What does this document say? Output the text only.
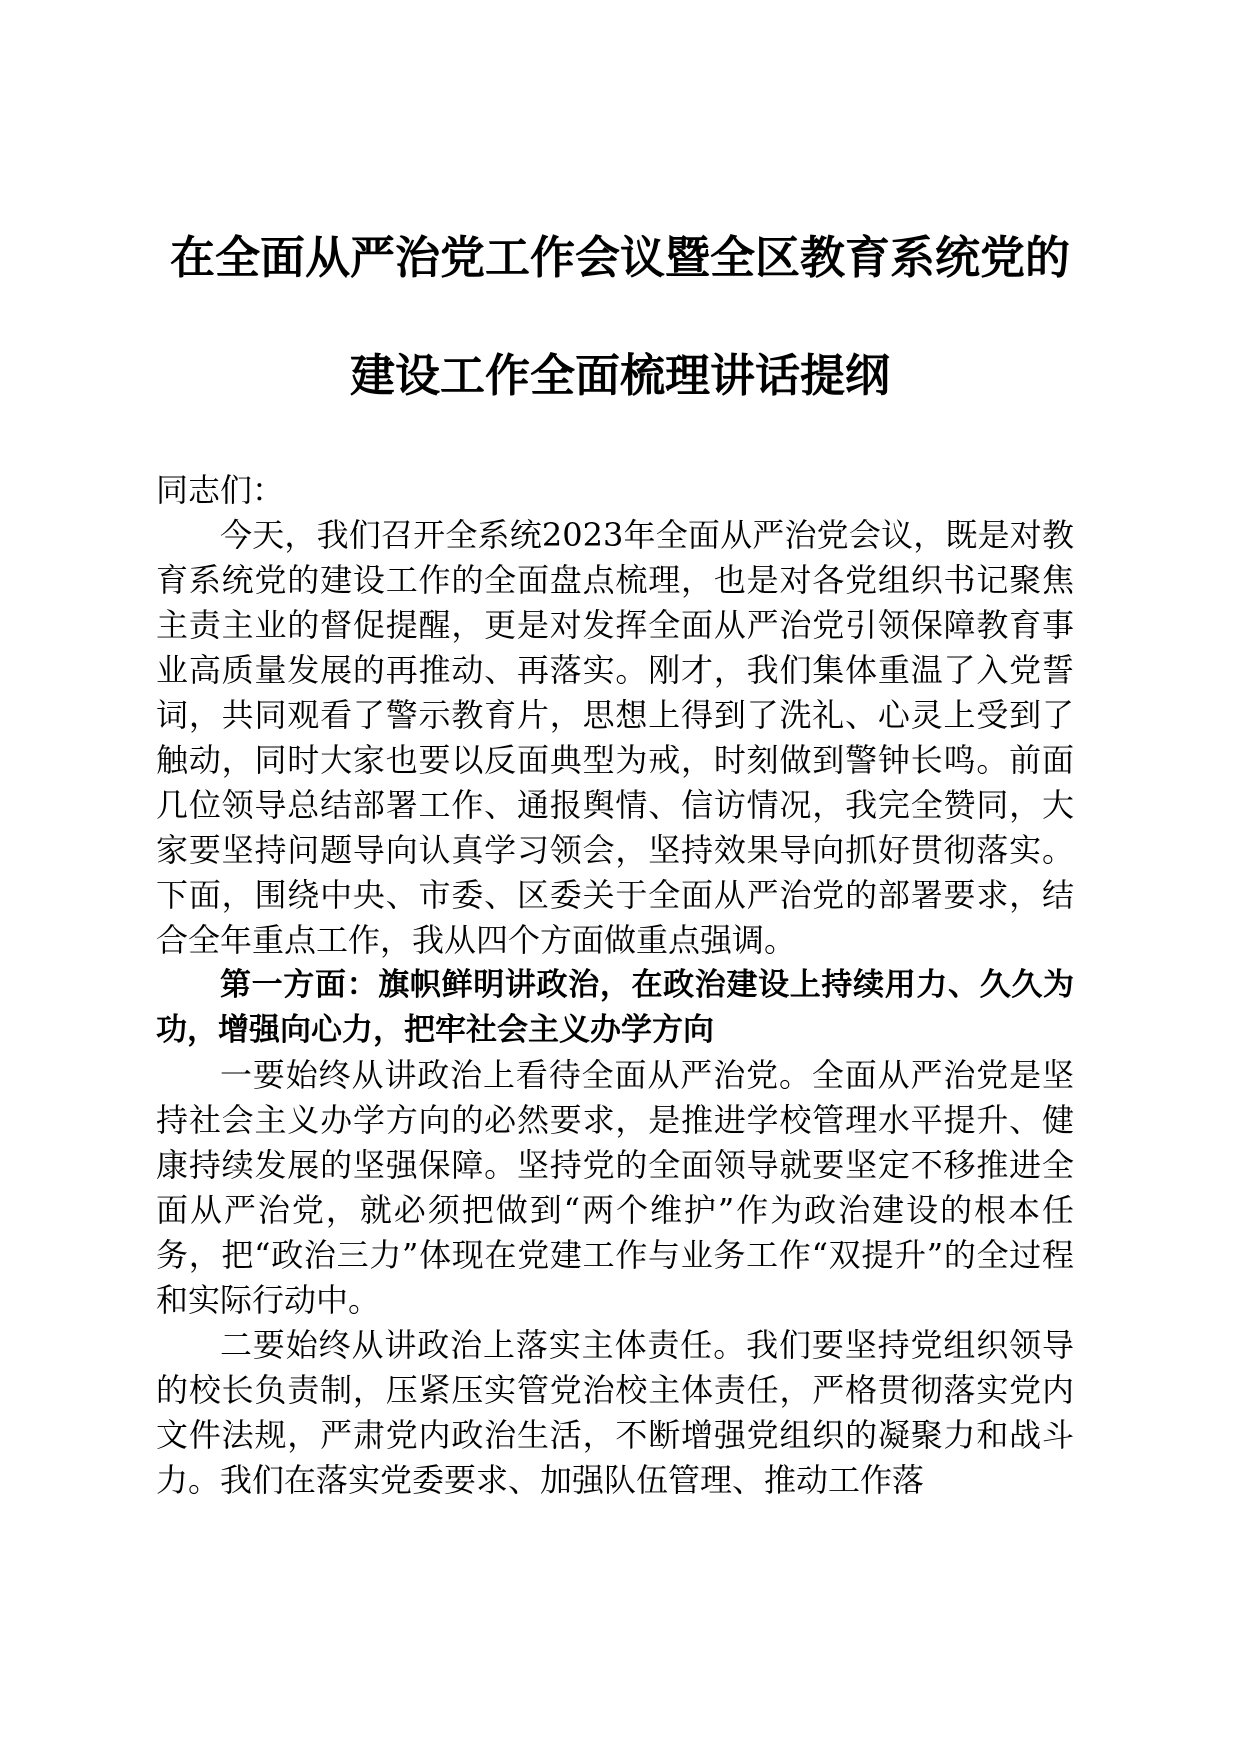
在全面从严治党工作会议暨全区教育系统党的
建设工作全面梳理讲话提纲

同志们：

今天，我们召开全系统2023年全面从严治党会议，既是对教育系统党的建设工作的全面盘点梳理，也是对各党组织书记聚焦主责主业的督促提醒，更是对发挥全面从严治党引领保障教育事业高质量发展的再推动、再落实。刚才，我们集体重温了入党誓词，共同观看了警示教育片，思想上得到了洗礼、心灵上受到了触动，同时大家也要以反面典型为戒，时刻做到警钟长鸣。前面几位领导总结部署工作、通报舆情、信访情况，我完全赞同，大家要坚持问题导向认真学习领会，坚持效果导向抓好贯彻落实。下面，围绕中央、市委、区委关于全面从严治党的部署要求，结合全年重点工作，我从四个方面做重点强调。

第一方面：旗帜鲜明讲政治，在政治建设上持续用力、久久为功，增强向心力，把牢社会主义办学方向

一要始终从讲政治上看待全面从严治党。全面从严治党是坚持社会主义办学方向的必然要求，是推进学校管理水平提升、健康持续发展的坚强保障。坚持党的全面领导就要坚定不移推进全面从严治党，就必须把做到“两个维护”作为政治建设的根本任务，把“政治三力”体现在党建工作与业务工作“双提升”的全过程和实际行动中。

二要始终从讲政治上落实主体责任。我们要坚持党组织领导的校长负责制，压紧压实管党治校主体责任，严格贯彻落实党内文件法规，严肃党内政治生活，不断增强党组织的凝聚力和战斗力。我们在落实党委要求、加强队伍管理、推动工作落
